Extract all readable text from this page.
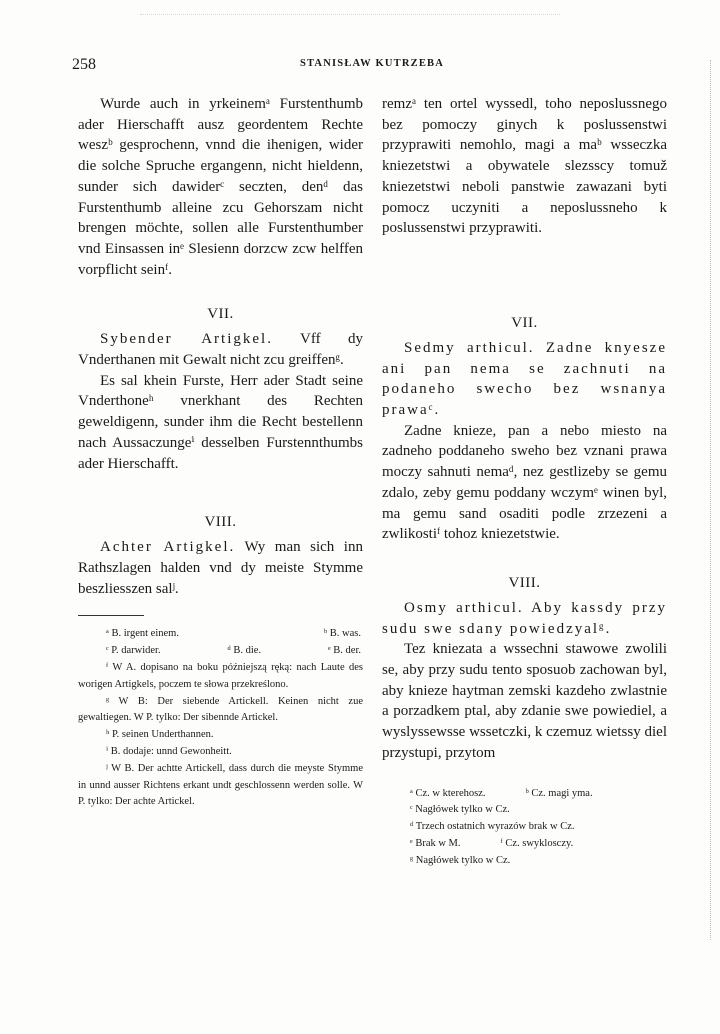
258	STANISŁAW KUTRZEBA

Wurde auch in yrkeinemᵃ Furstenthumb ader Hierschafft ausz geordentem Rechte weszᵇ gesprochenn, vnnd die ihenigen, wider die solche Spruche ergangenn, nicht hieldenn, sunder sich dawiderᶜ seczten, denᵈ das Furstenthumb alleine zcu Gehorszam nicht brengen möchte, sollen alle Furstenthumber vnd Einsassen inᵉ Slesienn dorzcw zcw helffen vorpflicht seinᶠ.

VII.

Sybender Artigkel. Vff dy Vnderthanen mit Gewalt nicht zcu greiffenᵍ.

Es sal khein Furste, Herr ader Stadt seine Vnderthoneʰ vnerkhant des Rechten geweldigenn, sunder ihm die Recht bestellenn nach Aussaczungeⁱ desselben Furstennthumbs ader Hierschafft.

VIII.

Achter Artigkel. Wy man sich inn Rathszlagen halden vnd dy meiste Stymme beszliesszen salʲ.

ᵃ B. irgent einem.	ᵇ B. was.
ᶜ P. darwider.	ᵈ B. die.	ᵉ B. der.

ᶠ W A. dopisano na boku późniejszą ręką: nach Laute des worigen Artigkels, poczem te słowa przekreślono.

ᵍ W B: Der siebende Artickell. Keinen nicht zue gewaltiegen. W P. tylko: Der sibennde Artickel.

ʰ P. seinen Underthannen.

ⁱ B. dodaje: unnd Gewonheitt.

ʲ W B. Der achtte Artickell, dass durch die meyste Stymme in unnd ausser Richtens erkant undt geschlossenn werden solle. W P. tylko: Der achte Artickel.

remzᵃ ten ortel wyssedl, toho neposlussnego bez pomoczy ginych k poslussenstwi przyprawiti nemohlo, magi a maᵇ wsseczka kniezetstwi a obywatele slezsscy tomuž kniezetstwi neboli panstwie zawazani byti pomocz uczyniti a neposlussneho k poslussenstwi przyprawiti.

VII.

Sedmy arthicul. Zadne knyesze ani pan nema se zachnuti na podaneho swecho bez wsnanya prawaᶜ.

Zadne knieze, pan a nebo miesto na zadneho poddaneho sweho bez vznani prawa moczy sahnuti nemaᵈ, nez gestlizeby se gemu zdalo, zeby gemu poddany wczymᵉ winen byl, ma gemu sand osaditi podle zrzezeni a zwlikostiᶠ tohoz kniezetstwie.

VIII.

Osmy arthicul. Aby kassdy przy sudu swe sdany powiedzyalᵍ.

Tez kniezata a wssechni stawowe zwolili se, aby przy sudu tento sposuob zachowan byl, aby knieze haytman zemski kazdeho zwlastnie a porzadkem ptal, aby zdanie swe powiediel, a wyslyssewsse wssetczki, k czemuz wietssy diel przystupi, przytom

ᵃ Cz. w kterehosz.	ᵇ Cz. magi yma.

ᶜ Nagłówek tylko w Cz.

ᵈ Trzech ostatnich wyrazów brak w Cz.

ᵉ Brak w M.	ᶠ Cz. swyklosczy.

ᵍ Nagłówek tylko w Cz.
